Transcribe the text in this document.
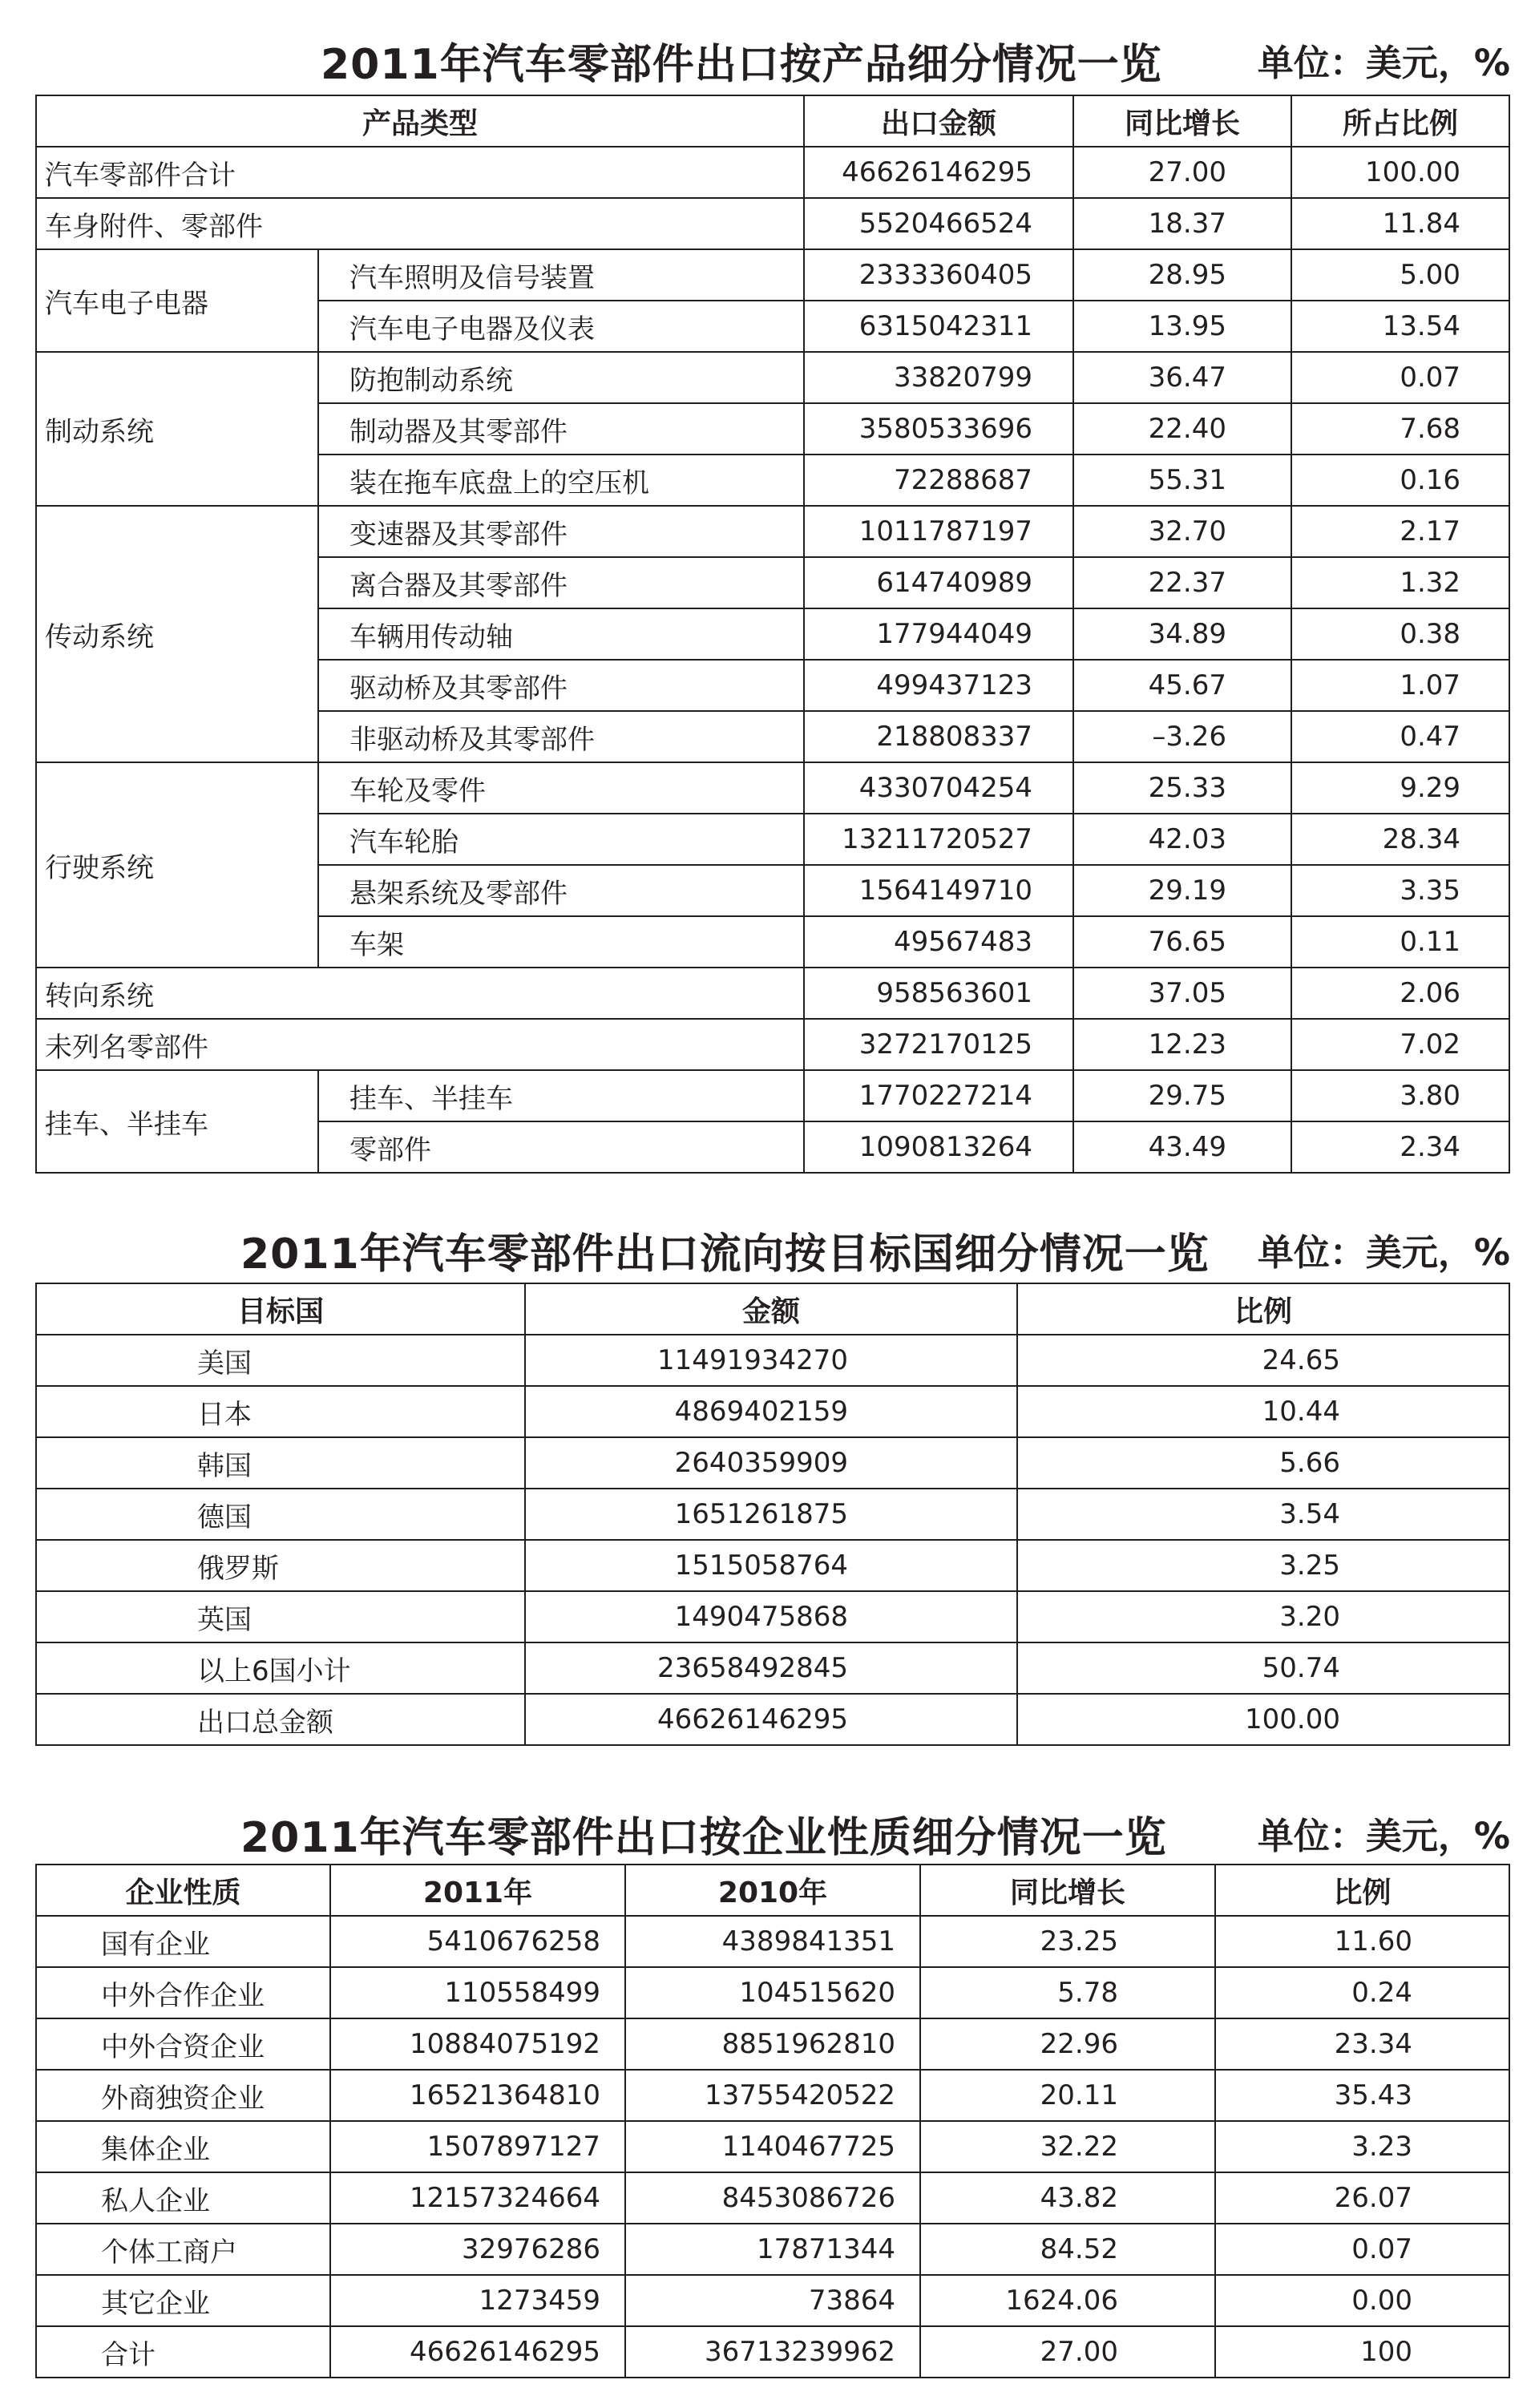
2011年汽车零部件出口按产品细分情况一览	单位：美元，%
产品类型		出口金额	同比增长	所占比例
汽车零部件合计		46626146295	27.00	100.00
车身附件、零部件		5520466524	18.37	11.84
汽车电子电器	汽车照明及信号装置	2333360405	28.95	5.00
	汽车电子电器及仪表	6315042311	13.95	13.54
制动系统	防抱制动系统	33820799	36.47	0.07
	制动器及其零部件	3580533696	22.40	7.68
	装在拖车底盘上的空压机	72288687	55.31	0.16
传动系统	变速器及其零部件	1011787197	32.70	2.17
	离合器及其零部件	614740989	22.37	1.32
	车辆用传动轴	177944049	34.89	0.38
	驱动桥及其零部件	499437123	45.67	1.07
	非驱动桥及其零部件	218808337	–3.26	0.47
行驶系统	车轮及零件	4330704254	25.33	9.29
	汽车轮胎	13211720527	42.03	28.34
	悬架系统及零部件	1564149710	29.19	3.35
	车架	49567483	76.65	0.11
转向系统		958563601	37.05	2.06
未列名零部件		3272170125	12.23	7.02
挂车、半挂车	挂车、半挂车	1770227214	29.75	3.80
	零部件	1090813264	43.49	2.34
2011年汽车零部件出口流向按目标国细分情况一览 单位：美元，%
目标国	金额	比例
美国	11491934270	24.65
日本	4869402159	10.44
韩国	2640359909	5.66
德国	1651261875	3.54
俄罗斯	1515058764	3.25
英国	1490475868	3.20
以上6国小计	23658492845	50.74
出口总金额	46626146295	100.00
2011年汽车零部件出口按企业性质细分情况一览	单位：美元，%
企业性质	2011年	2010年	同比增长	比例
国有企业	5410676258	4389841351	23.25	11.60
中外合作企业	110558499	104515620	5.78	0.24
中外合资企业	10884075192	8851962810	22.96	23.34
外商独资企业	16521364810	13755420522	20.11	35.43
集体企业	1507897127	1140467725	32.22	3.23
私人企业	12157324664	8453086726	43.82	26.07
个体工商户	32976286	17871344	84.52	0.07
其它企业	1273459	73864	1624.06	0.00
合计	46626146295	36713239962	27.00	100
